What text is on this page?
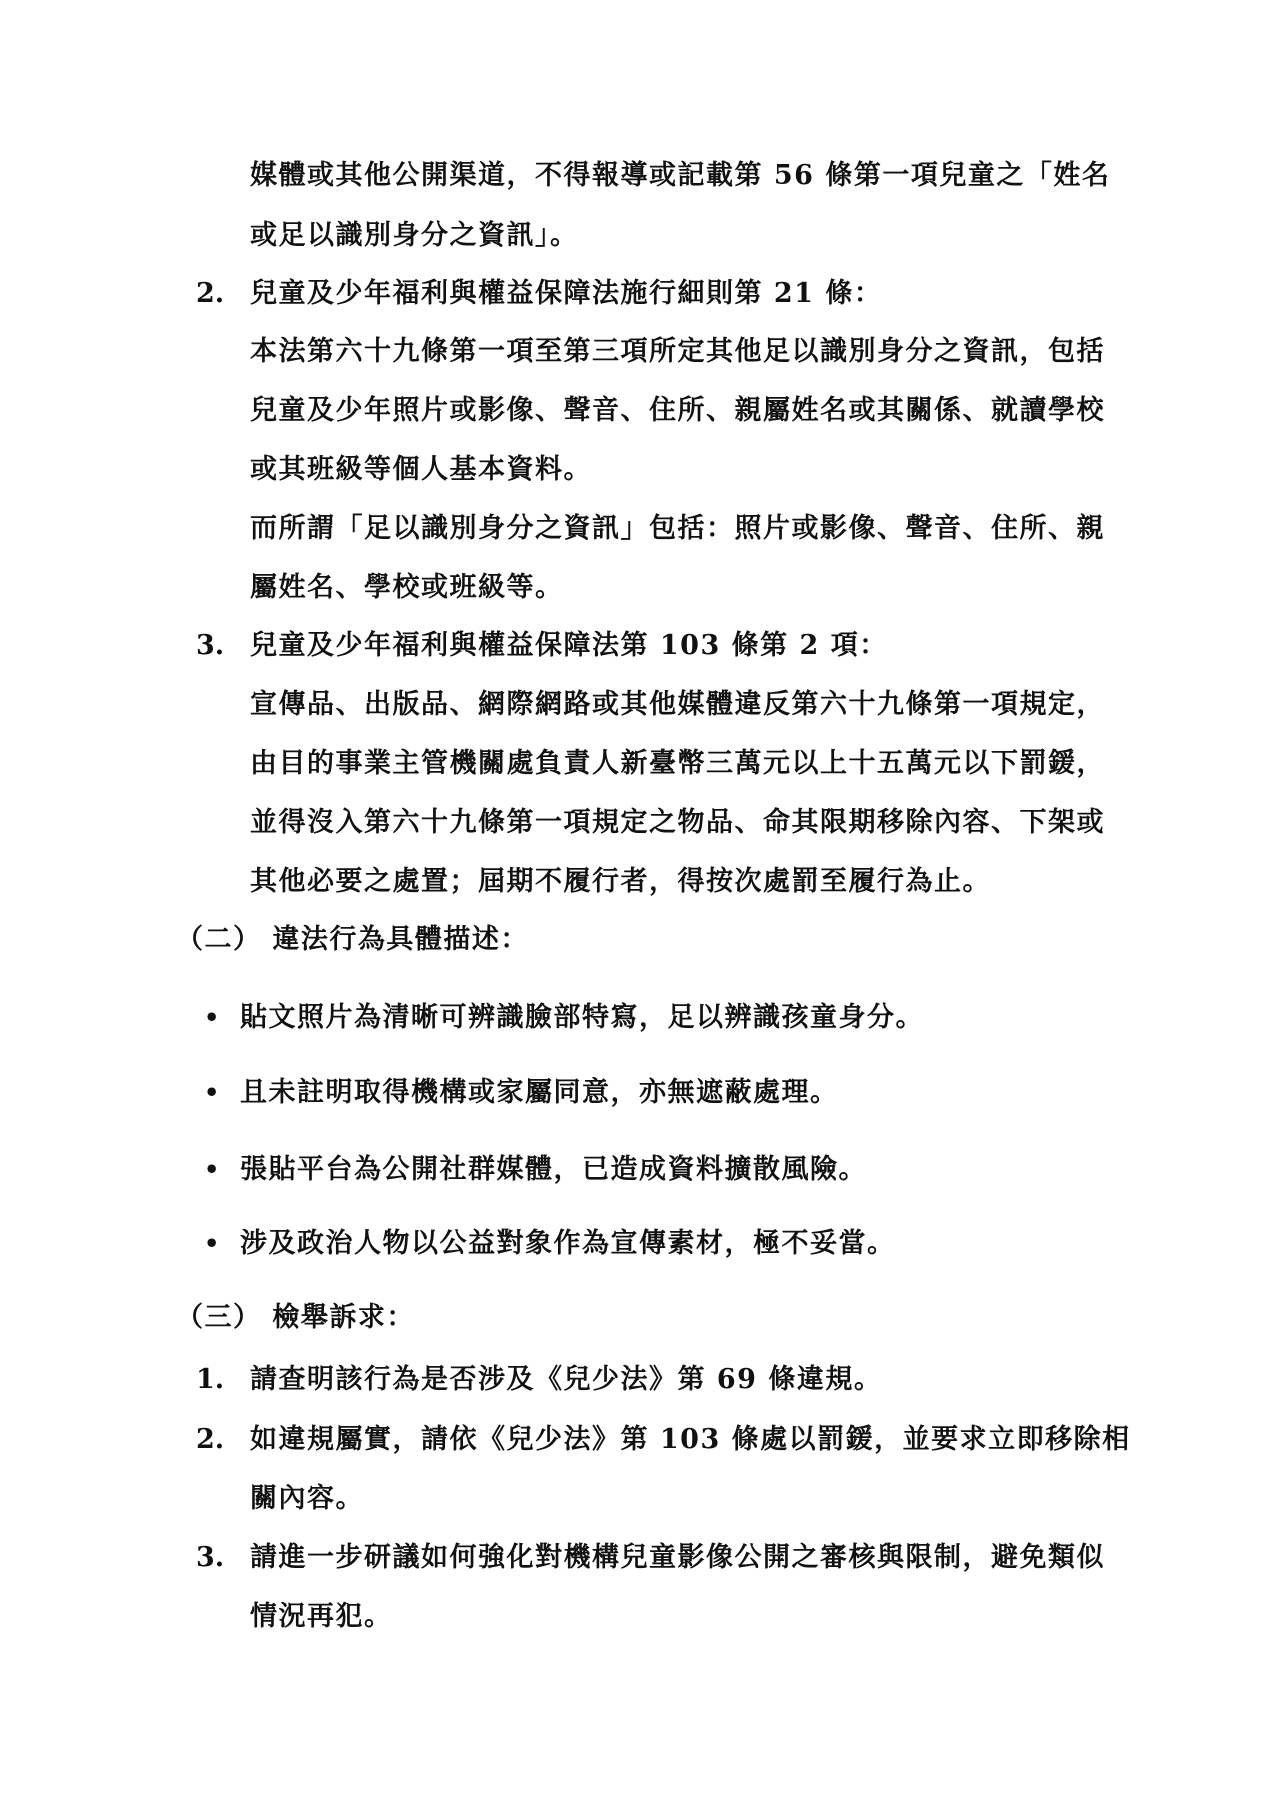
媒體或其他公開渠道，不得報導或記載第 56 條第一項兒童之「姓名
或足以識別身分之資訊」。
2. 兒童及少年福利與權益保障法施行細則第 21 條：
本法第六十九條第一項至第三項所定其他足以識別身分之資訊，包括
兒童及少年照片或影像、聲音、住所、親屬姓名或其關係、就讀學校
或其班級等個人基本資料。
而所謂「足以識別身分之資訊」包括：照片或影像、聲音、住所、親
屬姓名、學校或班級等。
3. 兒童及少年福利與權益保障法第 103 條第 2 項：
宣傳品、出版品、網際網路或其他媒體違反第六十九條第一項規定，
由目的事業主管機關處負責人新臺幣三萬元以上十五萬元以下罰鍰，
並得沒入第六十九條第一項規定之物品、命其限期移除內容、下架或
其他必要之處置；屆期不履行者，得按次處罰至履行為止。
（二） 違法行為具體描述：
• 貼文照片為清晰可辨識臉部特寫，足以辨識孩童身分。
• 且未註明取得機構或家屬同意，亦無遮蔽處理。
• 張貼平台為公開社群媒體，已造成資料擴散風險。
• 涉及政治人物以公益對象作為宣傳素材，極不妥當。
（三） 檢舉訴求：
1. 請查明該行為是否涉及《兒少法》第 69 條違規。
2. 如違規屬實，請依《兒少法》第 103 條處以罰鍰，並要求立即移除相
關內容。
3. 請進一步研議如何強化對機構兒童影像公開之審核與限制，避免類似
情況再犯。
